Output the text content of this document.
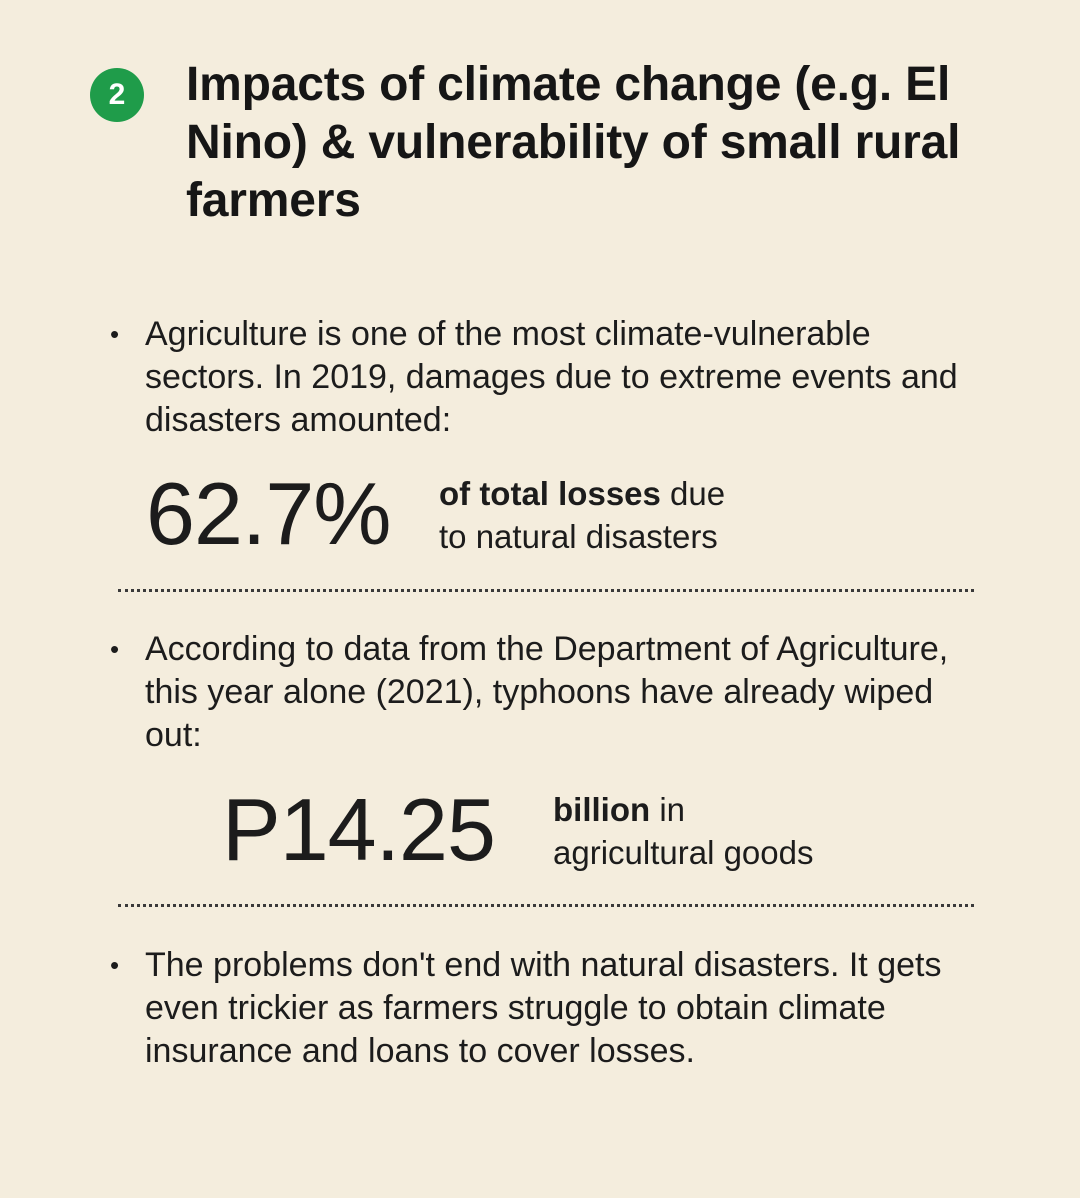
2	Impacts of climate change (e.g. El Nino) & vulnerability of small rural farmers
• Agriculture is one of the most climate-vulnerable sectors. In 2019, damages due to extreme events and disasters amounted:

62.7% of total losses due
to natural disasters
• According to data from the Department of Agriculture, this year alone (2021), typhoons have already wiped out:

P14.25 billion in
agricultural goods
• The problems don't end with natural disasters. It gets even trickier as farmers struggle to obtain climate insurance and loans to cover losses.
